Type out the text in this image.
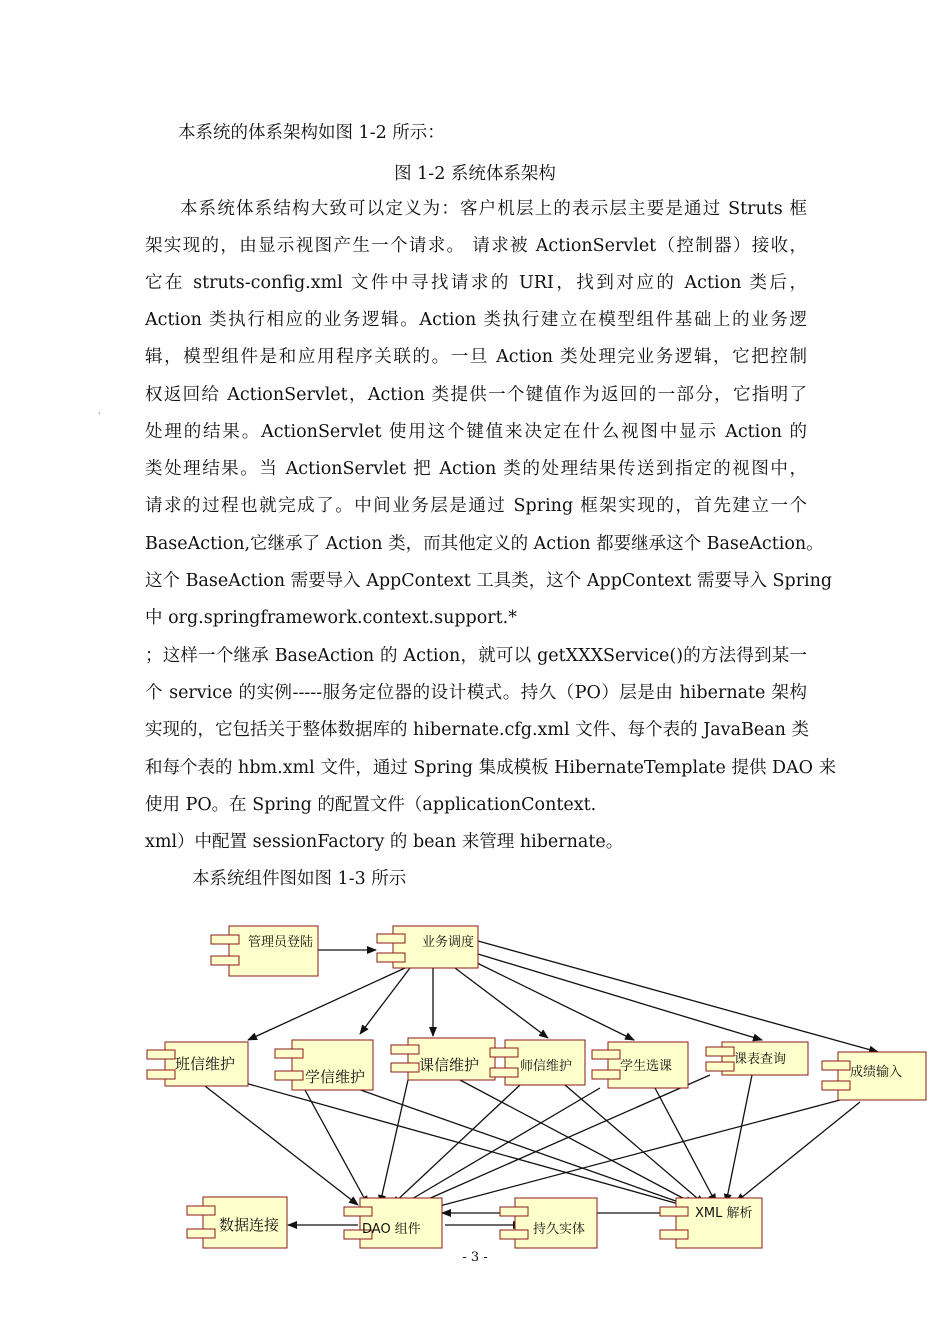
本系统的体系架构如图 1-2 所示：
图 1-2 系统体系架构
本系统体系结构大致可以定义为：客户机层上的表示层主要是通过 Struts 框
架实现的，由显示视图产生一个请求。 请求被 ActionServlet（控制器）接收，
它在 struts-config.xml 文件中寻找请求的 URI，找到对应的 Action 类后，
Action 类执行相应的业务逻辑。Action 类执行建立在模型组件基础上的业务逻
辑，模型组件是和应用程序关联的。一旦 Action 类处理完业务逻辑，它把控制
权返回给 ActionServlet，Action 类提供一个键值作为返回的一部分，它指明了
处理的结果。ActionServlet 使用这个键值来决定在什么视图中显示 Action 的
类处理结果。当 ActionServlet 把 Action 类的处理结果传送到指定的视图中，
请求的过程也就完成了。中间业务层是通过 Spring 框架实现的，首先建立一个
BaseAction,它继承了 Action 类，而其他定义的 Action 都要继承这个 BaseAction。
这个 BaseAction 需要导入 AppContext 工具类，这个 AppContext 需要导入 Spring
中 org.springframework.context.support.*
；这样一个继承 BaseAction 的 Action，就可以 getXXXService()的方法得到某一
个 service 的实例-----服务定位器的设计模式。持久（PO）层是由 hibernate 架构
实现的，它包括关于整体数据库的 hibernate.cfg.xml 文件、每个表的 JavaBean 类
和每个表的 hbm.xml 文件，通过 Spring 集成模板 HibernateTemplate 提供 DAO 来
使用 PO。在 Spring 的配置文件（applicationContext.
xml）中配置 sessionFactory 的 bean 来管理 hibernate。
本系统组件图如图 1-3 所示
'
管理员登陆	业务调度
班信维护
学信维护
课信维护	师信维护	学生选课	课表查询
成绩输入
数据连接	DAO 组件	持久实体
XML 解析
- 3 -
